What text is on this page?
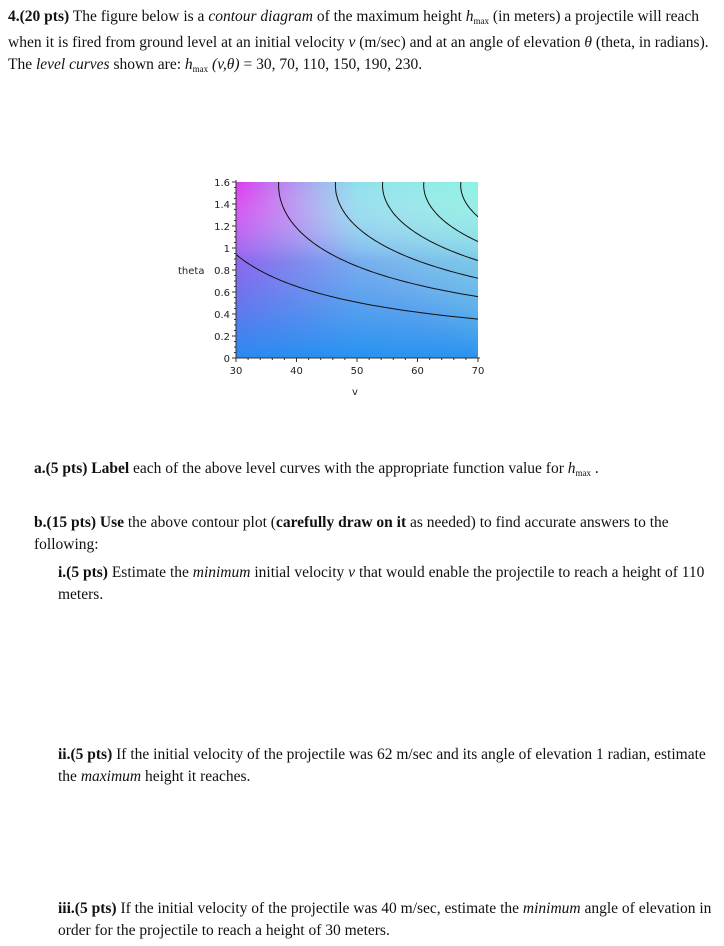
4.(20 pts) The figure below is a contour diagram of the maximum height $h_{max}$ (in meters) a projectile will reach when it is fired from ground level at an initial velocity v (m/sec) and at an angle of elevation θ (theta, in radians). The level curves shown are: $h_{max}$ (v,θ) = 30, 70, 110, 150, 190, 230.
0
0.2
0.4
0.6
0.8
1
1.2
1.4
1.6
30	40	50	60	70
theta
v
a.(5 pts) Label each of the above level curves with the appropriate function value for $h_{max}$ .
b.(15 pts) Use the above contour plot (carefully draw on it as needed) to find accurate answers to the following:
i.(5 pts) Estimate the minimum initial velocity v that would enable the projectile to reach a height of 110 meters.
ii.(5 pts) If the initial velocity of the projectile was 62 m/sec and its angle of elevation 1 radian, estimate the maximum height it reaches.
iii.(5 pts) If the initial velocity of the projectile was 40 m/sec, estimate the minimum angle of elevation in order for the projectile to reach a height of 30 meters.
